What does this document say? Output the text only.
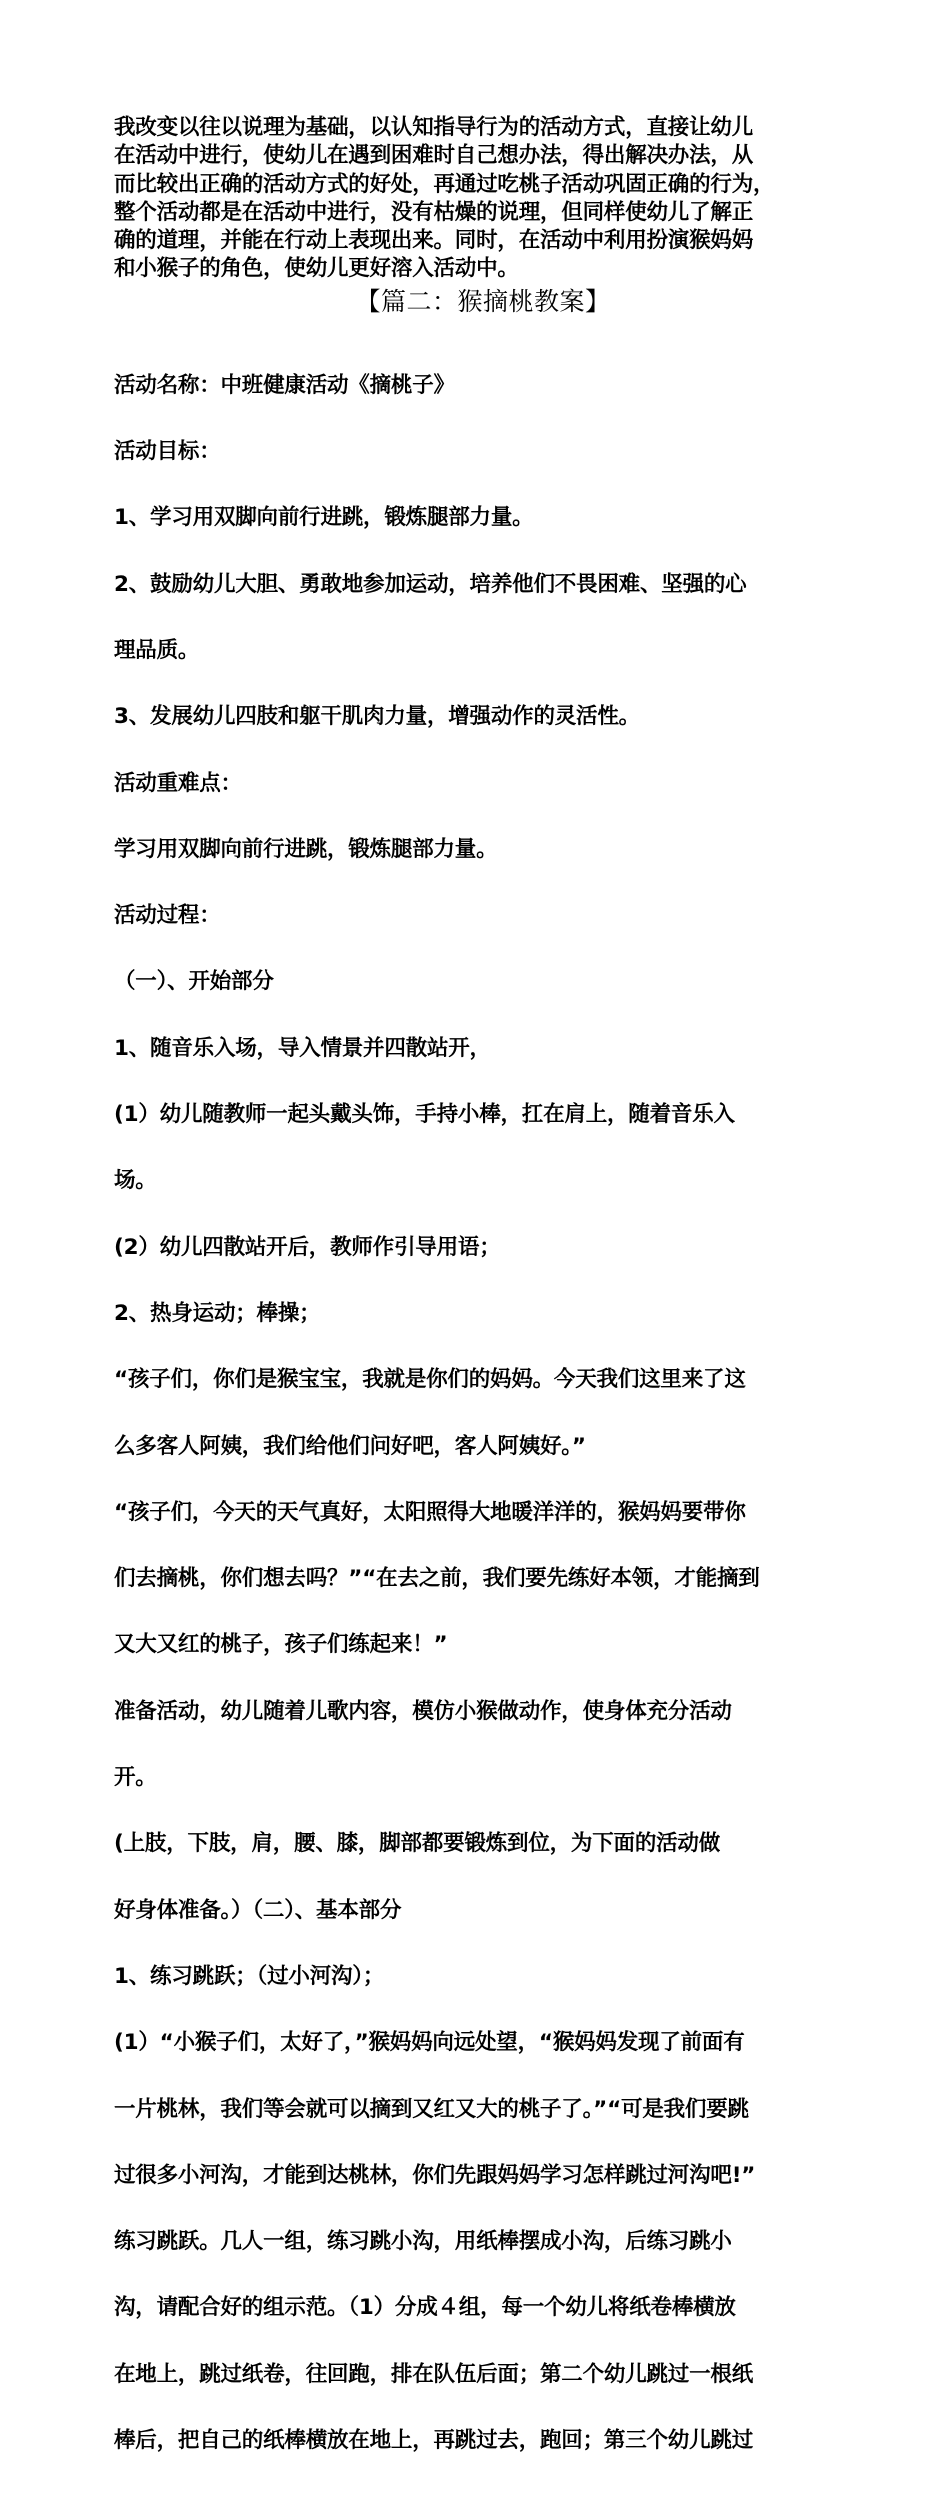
我改变以往以说理为基础，以认知指导行为的活动方式，直接让幼儿

在活动中进行，使幼儿在遇到困难时自己想办法，得出解决办法，从

而比较出正确的活动方式的好处，再通过吃桃子活动巩固正确的行为，

整个活动都是在活动中进行，没有枯燥的说理，但同样使幼儿了解正

确的道理，并能在行动上表现出来。同时，在活动中利用扮演猴妈妈

和小猴子的角色，使幼儿更好溶入活动中。

【篇二：猴摘桃教案】

活动名称：中班健康活动《摘桃子》

活动目标：

1、学习用双脚向前行进跳，锻炼腿部力量。

2、鼓励幼儿大胆、勇敢地参加运动，培养他们不畏困难、坚强的心

理品质。

3、发展幼儿四肢和躯干肌肉力量，增强动作的灵活性。

活动重难点：

学习用双脚向前行进跳，锻炼腿部力量。

活动过程：

（一）、开始部分

1、随音乐入场，导入情景并四散站开，

(1）幼儿随教师一起头戴头饰，手持小棒，扛在肩上，随着音乐入

场。

(2）幼儿四散站开后，教师作引导用语；

2、热身运动；棒操；

“孩子们，你们是猴宝宝，我就是你们的妈妈。今天我们这里来了这

么多客人阿姨，我们给他们问好吧，客人阿姨好。”

“孩子们，今天的天气真好，太阳照得大地暖洋洋的，猴妈妈要带你

们去摘桃，你们想去吗？”“在去之前，我们要先练好本领，才能摘到

又大又红的桃子，孩子们练起来！”

准备活动，幼儿随着儿歌内容，模仿小猴做动作，使身体充分活动

开。

(上肢，下肢，肩，腰、膝，脚部都要锻炼到位，为下面的活动做

好身体准备。）（二）、基本部分

1、练习跳跃；（过小河沟）；

(1）“小猴子们，太好了，”猴妈妈向远处望，“猴妈妈发现了前面有

一片桃林，我们等会就可以摘到又红又大的桃子了。”“可是我们要跳

过很多小河沟，才能到达桃林，你们先跟妈妈学习怎样跳过河沟吧!”

练习跳跃。几人一组，练习跳小沟，用纸棒摆成小沟，后练习跳小

沟，请配合好的组示范。（1）分成４组，每一个幼儿将纸卷棒横放

在地上，跳过纸卷，往回跑，排在队伍后面；第二个幼儿跳过一根纸

棒后，把自己的纸棒横放在地上，再跳过去，跑回；第三个幼儿跳过
